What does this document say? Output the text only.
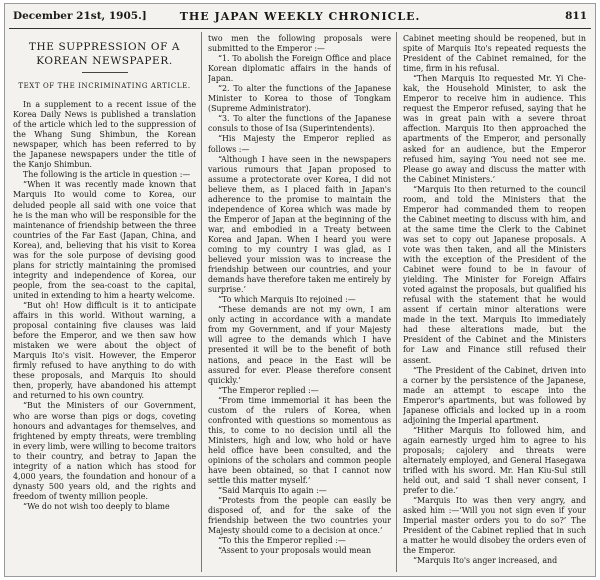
December 21st, 1905.]	THE JAPAN WEEKLY CHRONICLE.	811
THE SUPPRESSION OF A
KOREAN NEWSPAPER.
TEXT OF THE INCRIMINATING ARTICLE.

In a supplement to a recent issue of the Korea Daily News is published a translation of the article which led to the suppression of the Whang Sung Shimbun, the Korean newspaper, which has been referred to by the Japanese newspapers under the title of the Kanjo Shimbun.

The following is the article in question :—

“When it was recently made known that Marquis Ito would come to Korea, our deluded people all said with one voice that he is the man who will be responsible for the maintenance of friendship between the three countries of the Far East (Japan, China, and Korea), and, believing that his visit to Korea was for the sole purpose of devising good plans for strictly maintaining the promised integrity and independence of Korea, our people, from the sea-coast to the capital, united in extending to him a hearty welcome.

“But oh! How difficult is it to anticipate affairs in this world. Without warning, a proposal containing five clauses was laid before the Emperor, and we then saw how mistaken we were about the object of Marquis Ito's visit. However, the Emperor firmly refused to have anything to do with these proposals, and Marquis Ito should then, properly, have abandoned his attempt and returned to his own country.

“But the Ministers of our Government, who are worse than pigs or dogs, coveting honours and advantages for themselves, and frightened by empty threats, were trembling in every limb, were willing to become traitors to their country, and betray to Japan the integrity of a nation which has stood for 4,000 years, the foundation and honour of a dynasty 500 years old, and the rights and freedom of twenty million people.

“We do not wish too deeply to blame

two men the following proposals were submitted to the Emperor :—

“1. To abolish the Foreign Office and place Korean diplomatic affairs in the hands of Japan.

“2. To alter the functions of the Japanese Minister to Korea to those of Tongkam (Supreme Administrator).

“3. To alter the functions of the Japanese consuls to those of Isa (Superintendents).

“His Majesty the Emperor replied as follows :—

“Although I have seen in the newspapers various rumours that Japan proposed to assume a protectorate over Korea, I did not believe them, as I placed faith in Japan's adherence to the promise to maintain the independence of Korea which was made by the Emperor of Japan at the beginning of the war, and embodied in a Treaty between Korea and Japan. When I heard you were coming to my country I was glad, as I believed your mission was to increase the friendship between our countries, and your demands have therefore taken me entirely by surprise.’

“To which Marquis Ito rejoined :—

“These demands are not my own, I am only acting in accordance with a mandate from my Government, and if your Majesty will agree to the demands which I have presented it will be to the benefit of both nations, and peace in the East will be assured for ever. Please therefore consent quickly.’

“The Emperor replied :—

“From time immemorial it has been the custom of the rulers of Korea, when confronted with questions so momentous as this, to come to no decision until all the Ministers, high and low, who hold or have held office have been consulted, and the opinions of the scholars and common people have been obtained, so that I cannot now settle this matter myself.’

“Said Marquis Ito again :—

“Protests from the people can easily be disposed of, and for the sake of the friendship between the two countries your Majesty should come to a decision at once.’

“To this the Emperor replied :—

“Assent to your proposals would mean

Cabinet meeting should be reopened, but in spite of Marquis Ito's repeated requests the President of the Cabinet remained, for the time, firm in his refusal.

“Then Marquis Ito requested Mr. Yi Che-kak, the Household Minister, to ask the Emperor to receive him in audience. This request the Emperor refused, saying that he was in great pain with a severe throat affection. Marquis Ito then approached the apartments of the Emperor, and personally asked for an audience, but the Emperor refused him, saying ‘You need not see me. Please go away and discuss the matter with the Cabinet Ministers.’

“Marquis Ito then returned to the council room, and told the Ministers that the Emperor had commanded them to reopen the Cabinet meeting to discuss with him, and at the same time the Clerk to the Cabinet was set to copy out Japanese proposals. A vote was then taken, and all the Ministers with the exception of the President of the Cabinet were found to be in favour of yielding. The Minister for Foreign Affairs voted against the proposals, but qualified his refusal with the statement that he would assent if certain minor alterations were made in the text. Marquis Ito immediately had these alterations made, but the President of the Cabinet and the Ministers for Law and Finance still refused their assent.

“The President of the Cabinet, driven into a corner by the persistence of the Japanese, made an attempt to escape into the Emperor's apartments, but was followed by Japanese officials and locked up in a room adjoining the Imperial apartment.

“Hither Marquis Ito followed him, and again earnestly urged him to agree to his proposals; cajolery and threats were alternately employed, and General Hasegawa trifled with his sword. Mr. Han Kiu-Sul still held out, and said ‘I shall never consent, I prefer to die.’

“Marquis Ito was then very angry, and asked him :—‘Will you not sign even if your Imperial master orders you to do so?’ The President of the Cabinet replied that in such a matter he would disobey the orders even of the Emperor.

“Marquis Ito's anger increased, and
